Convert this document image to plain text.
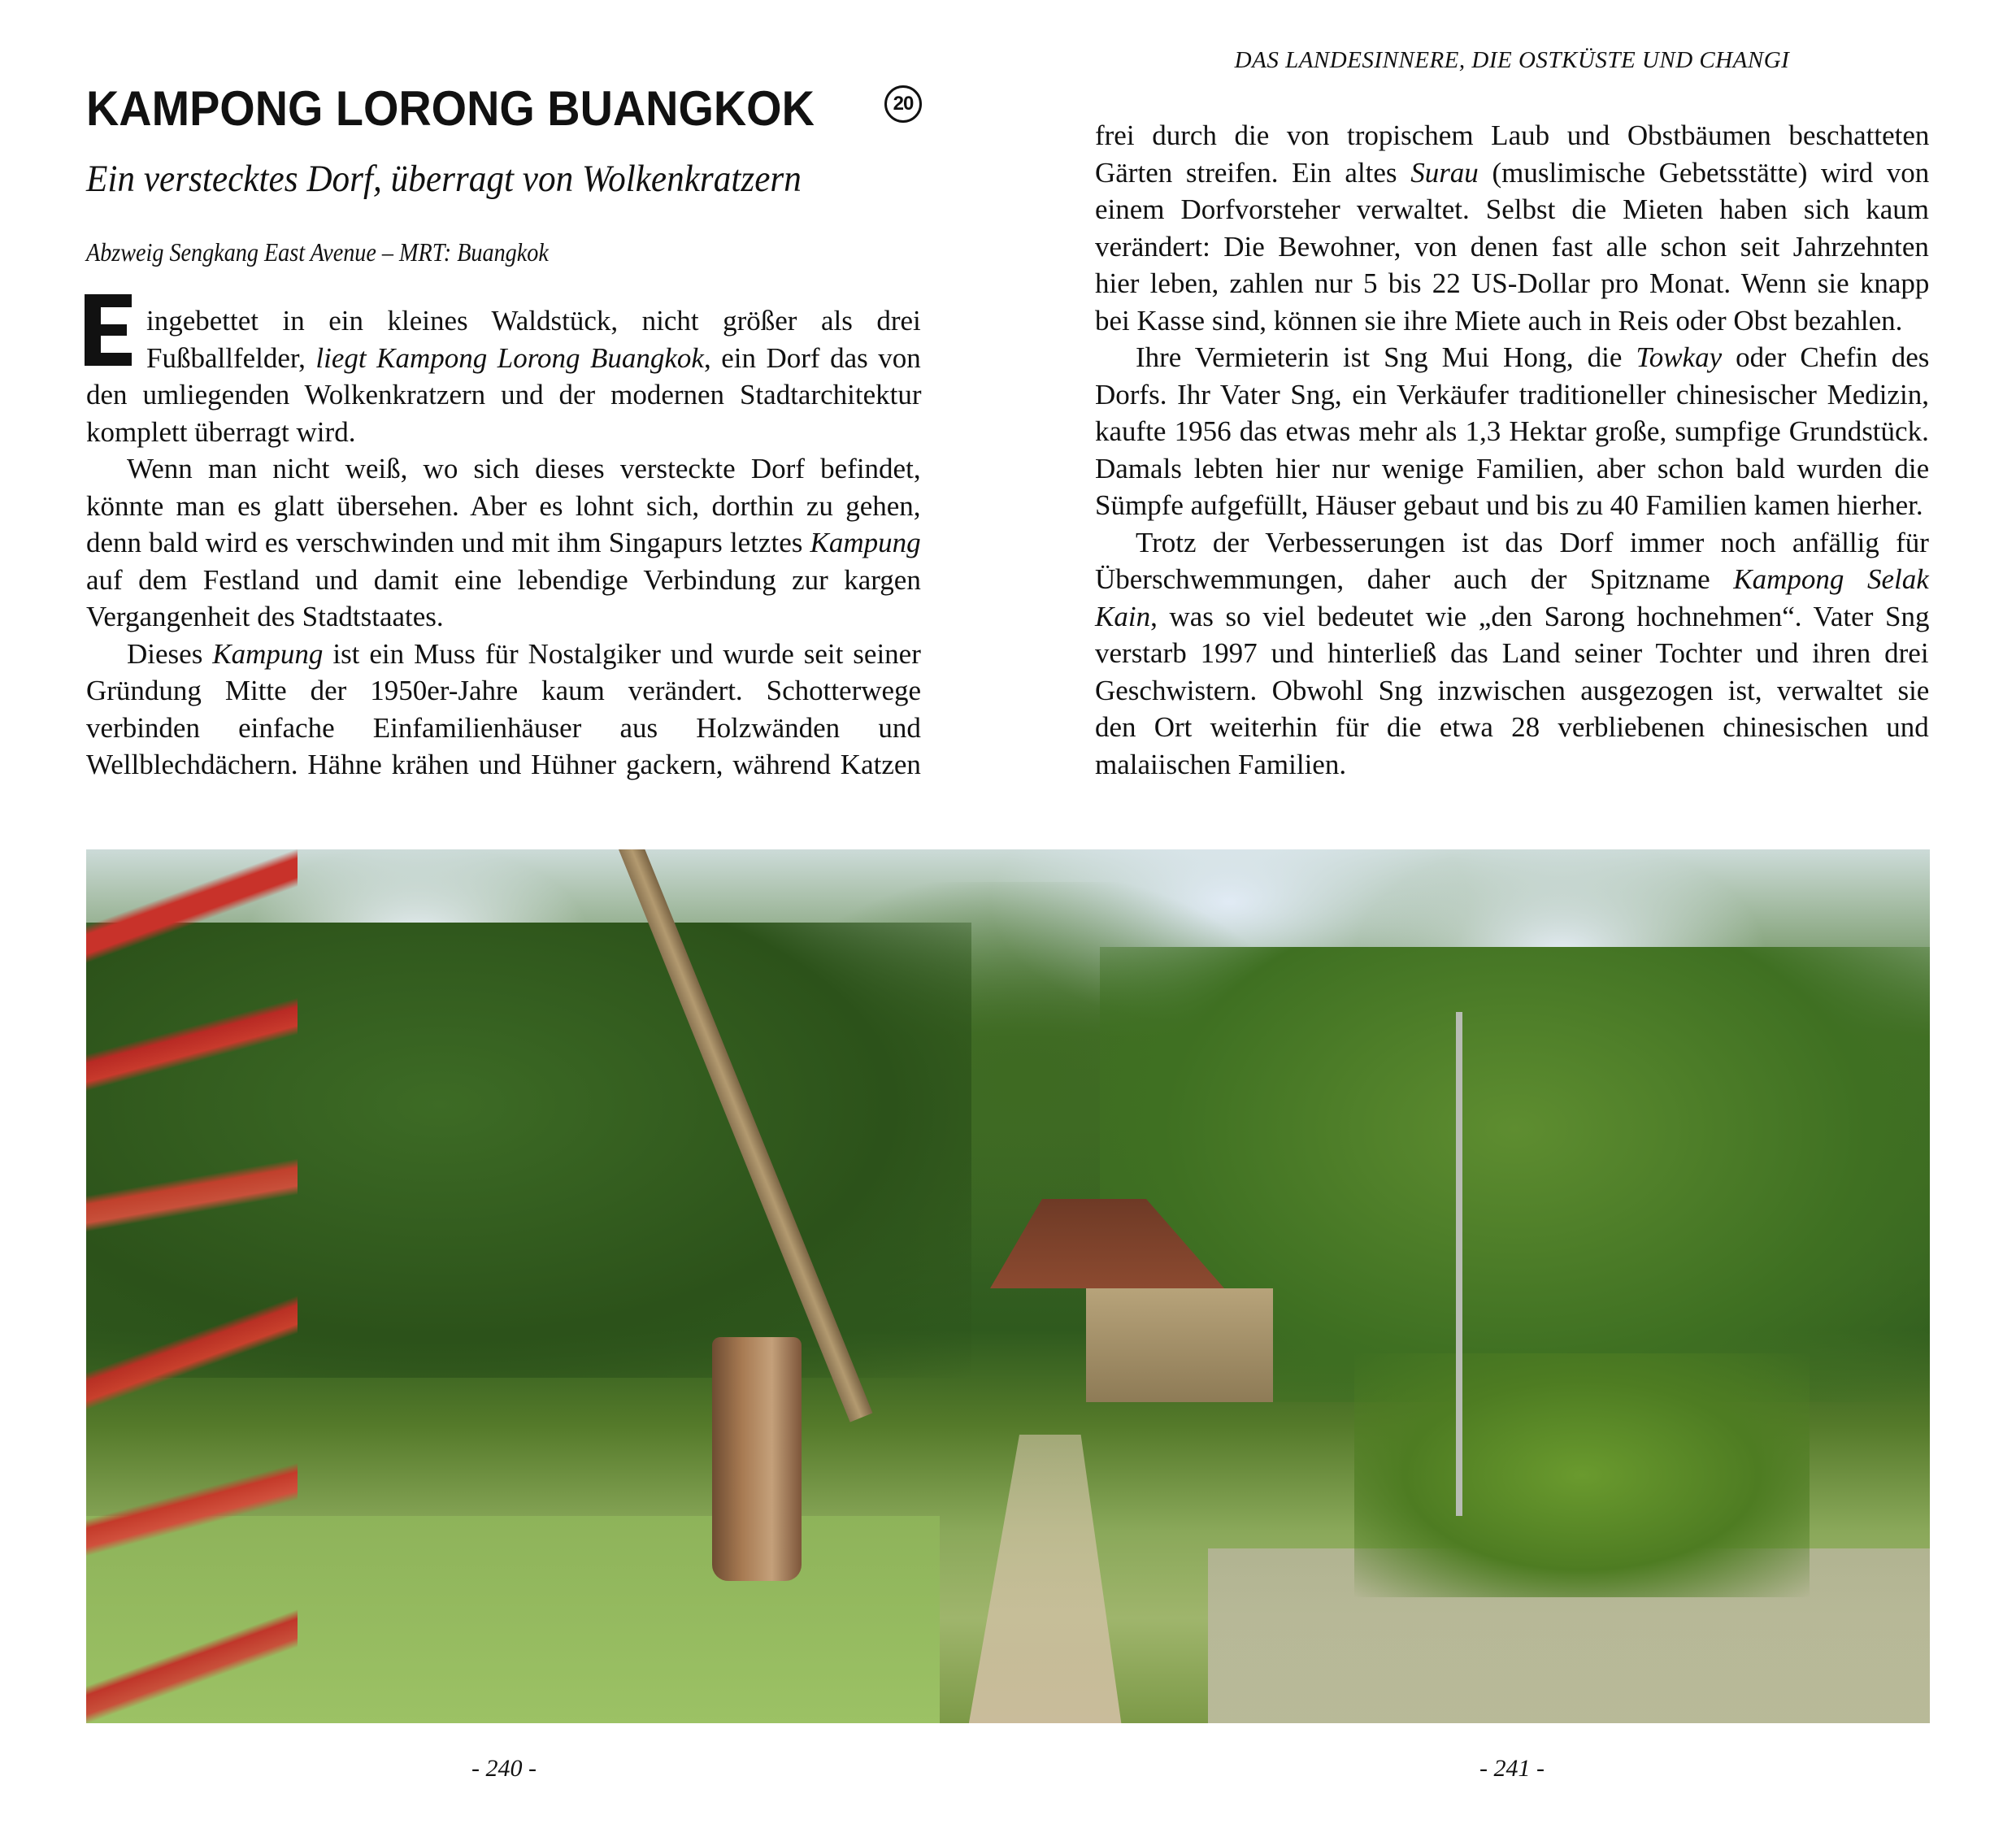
DAS LANDESINNERE, DIE OSTKÜSTE UND CHANGI
KAMPONG LORONG BUANGKOK	20
Ein verstecktes Dorf, überragt von Wolkenkratzern
Abzweig Sengkang East Avenue – MRT: Buangkok
ingebettet in ein kleines Waldstück, nicht größer als drei
Fußballfelder, liegt Kampong Lorong Buangkok, ein Dorf das von
den umliegenden Wolkenkratzern und der modernen Stadtarchitektur
komplett überragt wird.
Wenn man nicht weiß, wo sich dieses versteckte Dorf befindet,
könnte man es glatt übersehen. Aber es lohnt sich, dorthin zu gehen,
denn bald wird es verschwinden und mit ihm Singapurs letztes Kampung
auf dem Festland und damit eine lebendige Verbindung zur kargen
Vergangenheit des Stadtstaates.
Dieses Kampung ist ein Muss für Nostalgiker und wurde seit seiner
Gründung Mitte der 1950er-Jahre kaum verändert. Schotterwege
verbinden einfache Einfamilienhäuser aus Holzwänden und
Wellblechdächern. Hähne krähen und Hühner gackern, während Katzen
frei durch die von tropischem Laub und Obstbäumen beschatteten
Gärten streifen. Ein altes Surau (muslimische Gebetsstätte) wird von
einem Dorfvorsteher verwaltet. Selbst die Mieten haben sich kaum
verändert: Die Bewohner, von denen fast alle schon seit Jahrzehnten
hier leben, zahlen nur 5 bis 22 US-Dollar pro Monat. Wenn sie knapp
bei Kasse sind, können sie ihre Miete auch in Reis oder Obst bezahlen.
Ihre Vermieterin ist Sng Mui Hong, die Towkay oder Chefin des
Dorfs. Ihr Vater Sng, ein Verkäufer traditioneller chinesischer Medizin,
kaufte 1956 das etwas mehr als 1,3 Hektar große, sumpfige Grundstück.
Damals lebten hier nur wenige Familien, aber schon bald wurden die
Sümpfe aufgefüllt, Häuser gebaut und bis zu 40 Familien kamen hierher.
Trotz der Verbesserungen ist das Dorf immer noch anfällig für
Überschwemmungen, daher auch der Spitzname Kampong Selak
Kain, was so viel bedeutet wie „den Sarong hochnehmen“. Vater Sng
verstarb 1997 und hinterließ das Land seiner Tochter und ihren drei
Geschwistern. Obwohl Sng inzwischen ausgezogen ist, verwaltet sie
den Ort weiterhin für die etwa 28 verbliebenen chinesischen und
malaiischen Familien.
- 240 -	- 241 -
